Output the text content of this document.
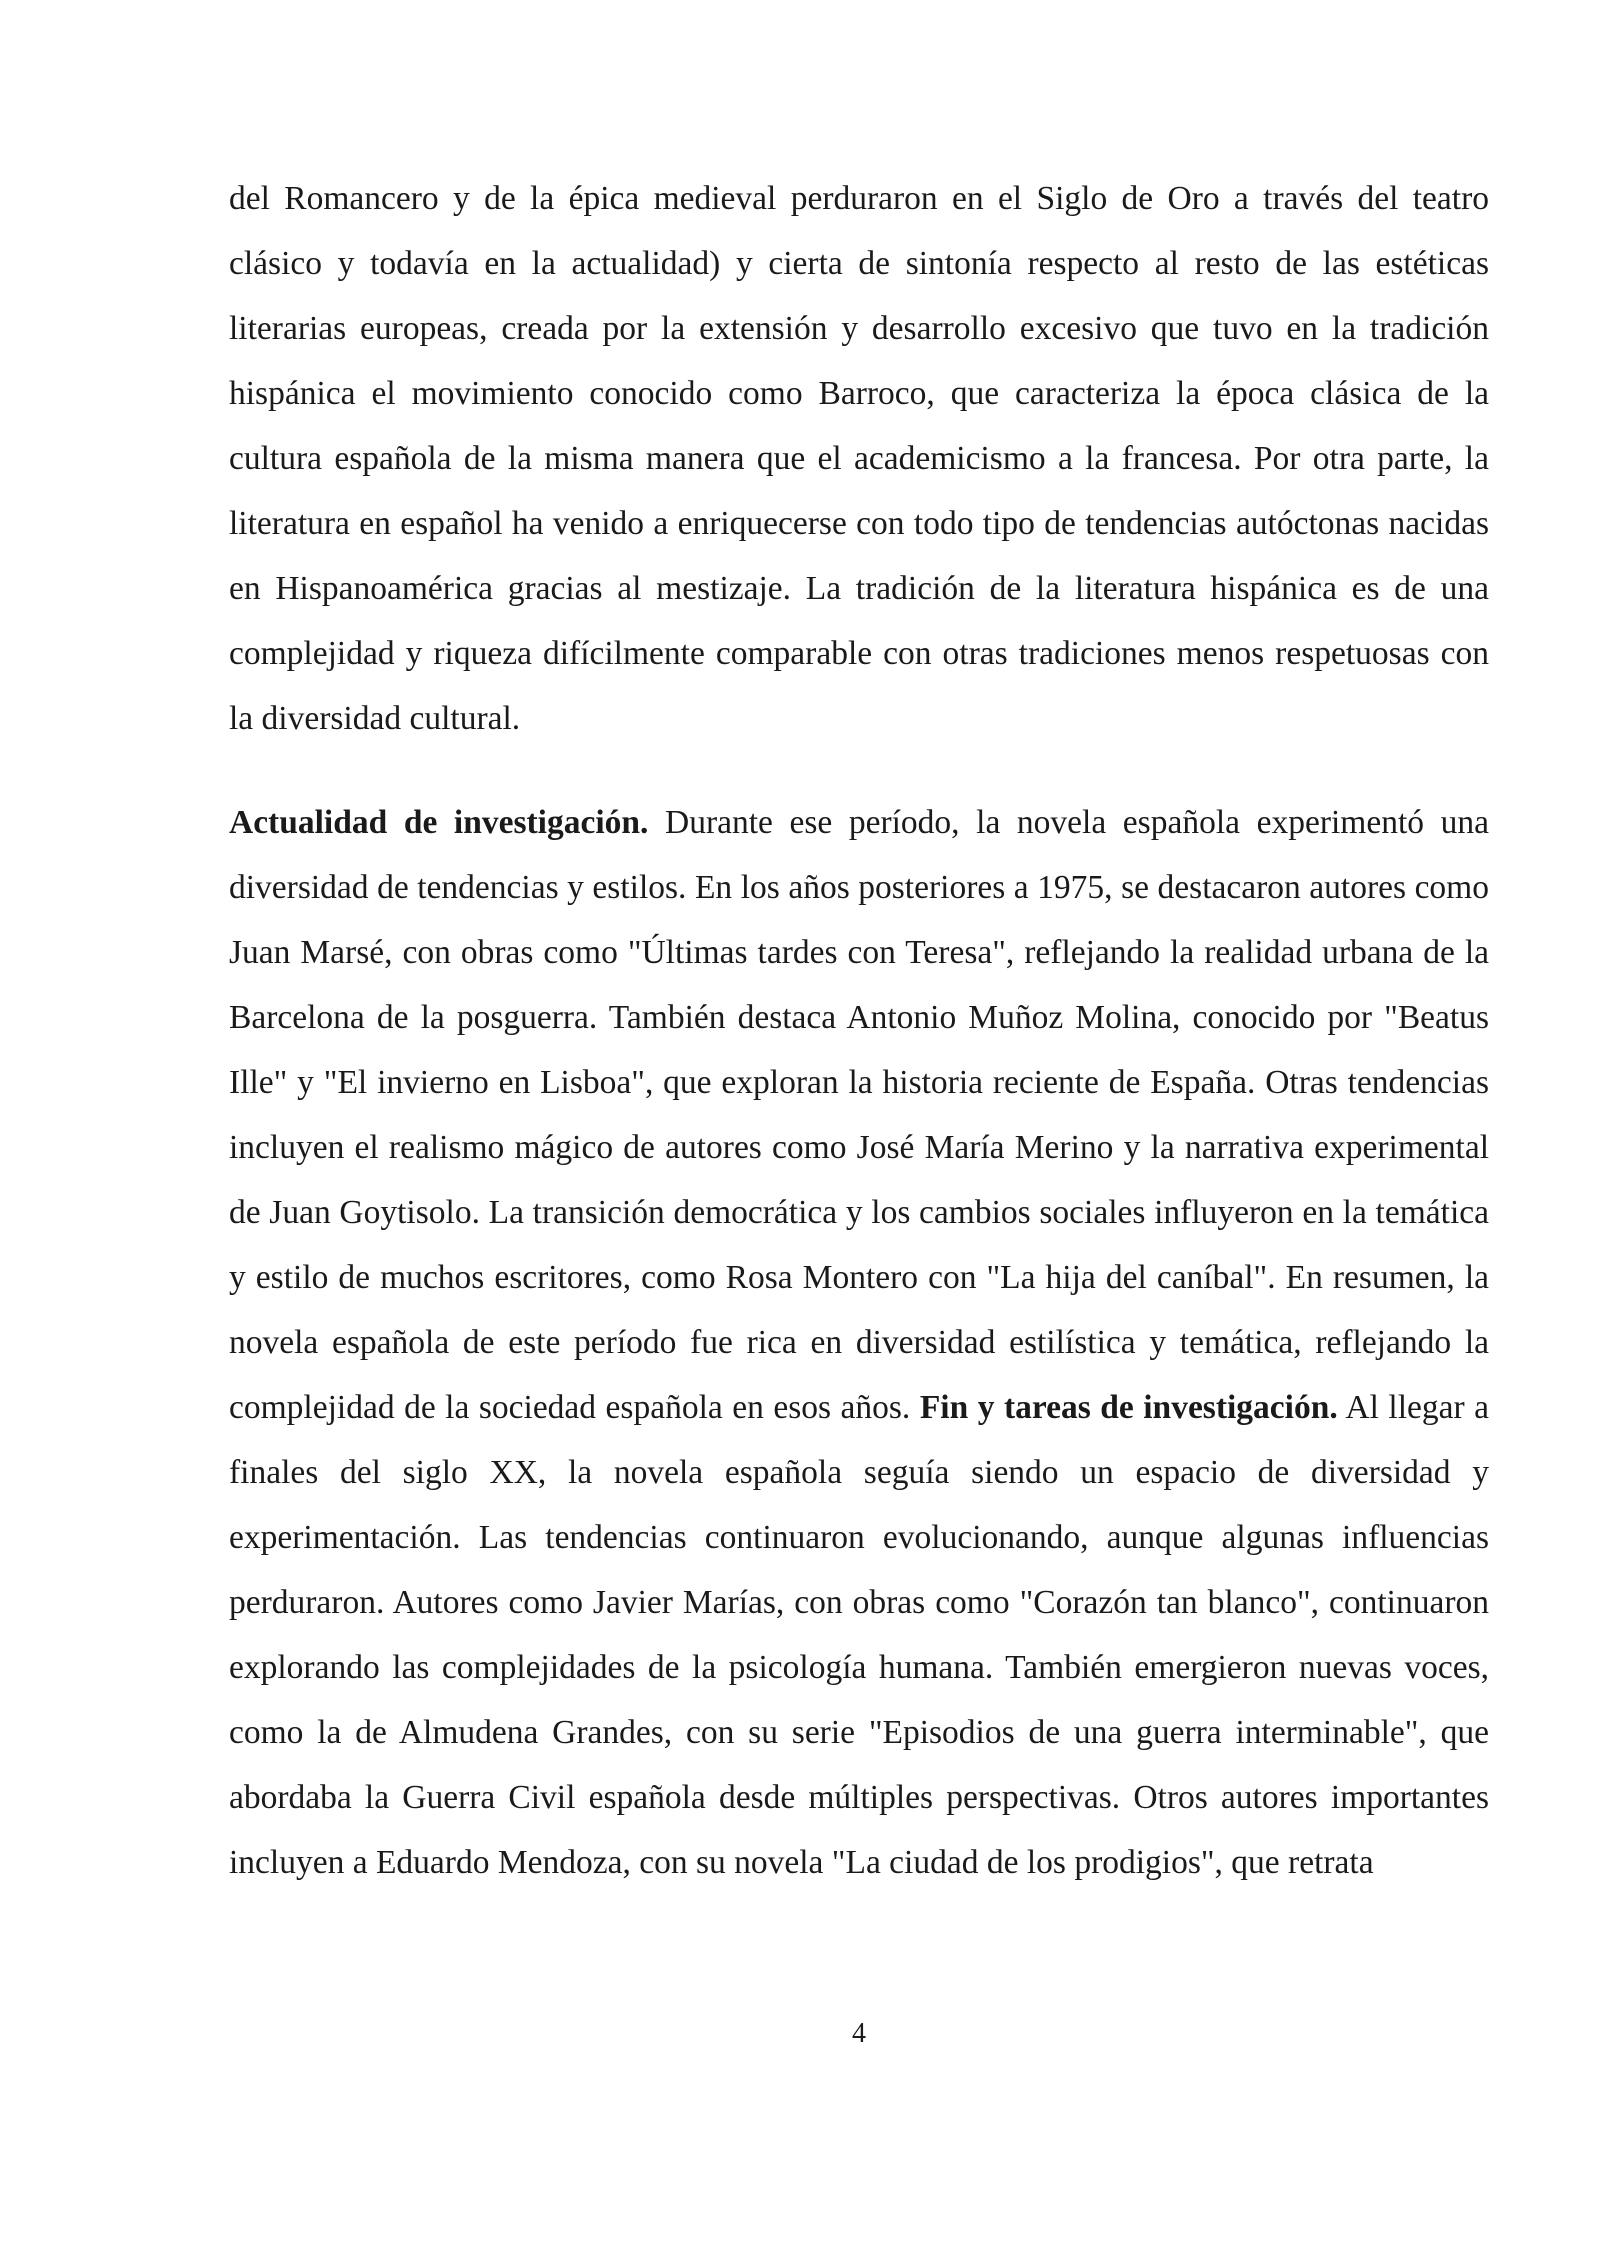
del Romancero y de la épica medieval perduraron en el Siglo de Oro a través del teatro clásico y todavía en la actualidad) y cierta de sintonía respecto al resto de las estéticas literarias europeas, creada por la extensión y desarrollo excesivo que tuvo en la tradición hispánica el movimiento conocido como Barroco, que caracteriza la época clásica de la cultura española de la misma manera que el academicismo a la francesa. Por otra parte, la literatura en español ha venido a enriquecerse con todo tipo de tendencias autóctonas nacidas en Hispanoamérica gracias al mestizaje. La tradición de la literatura hispánica es de una complejidad y riqueza difícilmente comparable con otras tradiciones menos respetuosas con la diversidad cultural.

Actualidad de investigación. Durante ese período, la novela española experimentó una diversidad de tendencias y estilos. En los años posteriores a 1975, se destacaron autores como Juan Marsé, con obras como "Últimas tardes con Teresa", reflejando la realidad urbana de la Barcelona de la posguerra. También destaca Antonio Muñoz Molina, conocido por "Beatus Ille" y "El invierno en Lisboa", que exploran la historia reciente de España. Otras tendencias incluyen el realismo mágico de autores como José María Merino y la narrativa experimental de Juan Goytisolo. La transición democrática y los cambios sociales influyeron en la temática y estilo de muchos escritores, como Rosa Montero con "La hija del caníbal". En resumen, la novela española de este período fue rica en diversidad estilística y temática, reflejando la complejidad de la sociedad española en esos años. Fin y tareas de investigación. Al llegar a finales del siglo XX, la novela española seguía siendo un espacio de diversidad y experimentación. Las tendencias continuaron evolucionando, aunque algunas influencias perduraron. Autores como Javier Marías, con obras como "Corazón tan blanco", continuaron explorando las complejidades de la psicología humana. También emergieron nuevas voces, como la de Almudena Grandes, con su serie "Episodios de una guerra interminable", que abordaba la Guerra Civil española desde múltiples perspectivas. Otros autores importantes incluyen a Eduardo Mendoza, con su novela "La ciudad de los prodigios", que retrata

4
